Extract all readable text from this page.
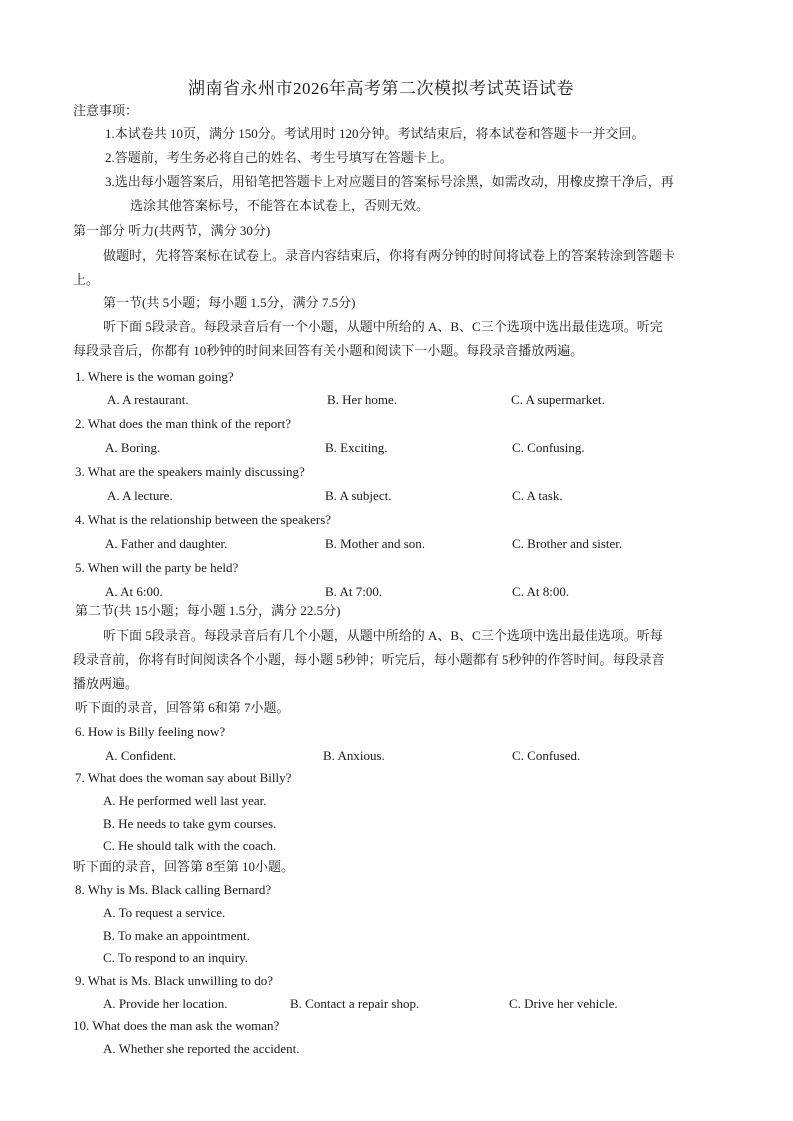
湖南省永州市2026年高考第二次模拟考试英语试卷
注意事项：
1.本试卷共 10页，满分 150分。考试用时 120分钟。考试结束后，将本试卷和答题卡一并交回。
2.答题前，考生务必将自己的姓名、考生号填写在答题卡上。
3.选出每小题答案后，用铅笔把答题卡上对应题目的答案标号涂黑，如需改动，用橡皮擦干净后，再
选涂其他答案标号，不能答在本试卷上，否则无效。
第一部分 听力(共两节，满分 30分)
做题时，先将答案标在试卷上。录音内容结束后，你将有两分钟的时间将试卷上的答案转涂到答题卡
上。
第一节(共 5小题；每小题 1.5分，满分 7.5分)
听下面 5段录音。每段录音后有一个小题，从题中所给的 A、B、C三个选项中选出最佳选项。听完
每段录音后，你都有 10秒钟的时间来回答有关小题和阅读下一小题。每段录音播放两遍。
1. Where is the woman going?
A. A restaurant.	B. Her home.	C. A supermarket.
2. What does the man think of the report?
A. Boring.	B. Exciting.	C. Confusing.
3. What are the speakers mainly discussing?
A. A lecture.	B. A subject.	C. A task.
4. What is the relationship between the speakers?
A. Father and daughter.	B. Mother and son.	C. Brother and sister.
5. When will the party be held?
A. At 6:00.	B. At 7:00.	C. At 8:00.
第二节(共 15小题；每小题 1.5分，满分 22.5分)
听下面 5段录音。每段录音后有几个小题，从题中所给的 A、B、C三个选项中选出最佳选项。听每
段录音前，你将有时间阅读各个小题，每小题 5秒钟；听完后，每小题都有 5秒钟的作答时间。每段录音
播放两遍。
听下面的录音，回答第 6和第 7小题。
6. How is Billy feeling now?
A. Confident.	B. Anxious.	C. Confused.
7. What does the woman say about Billy?
A. He performed well last year.
B. He needs to take gym courses.
C. He should talk with the coach.
听下面的录音，回答第 8至第 10小题。
8. Why is Ms. Black calling Bernard?
A. To request a service.
B. To make an appointment.
C. To respond to an inquiry.
9. What is Ms. Black unwilling to do?
A. Provide her location.	B. Contact a repair shop.	C. Drive her vehicle.
10. What does the man ask the woman?
A. Whether she reported the accident.
